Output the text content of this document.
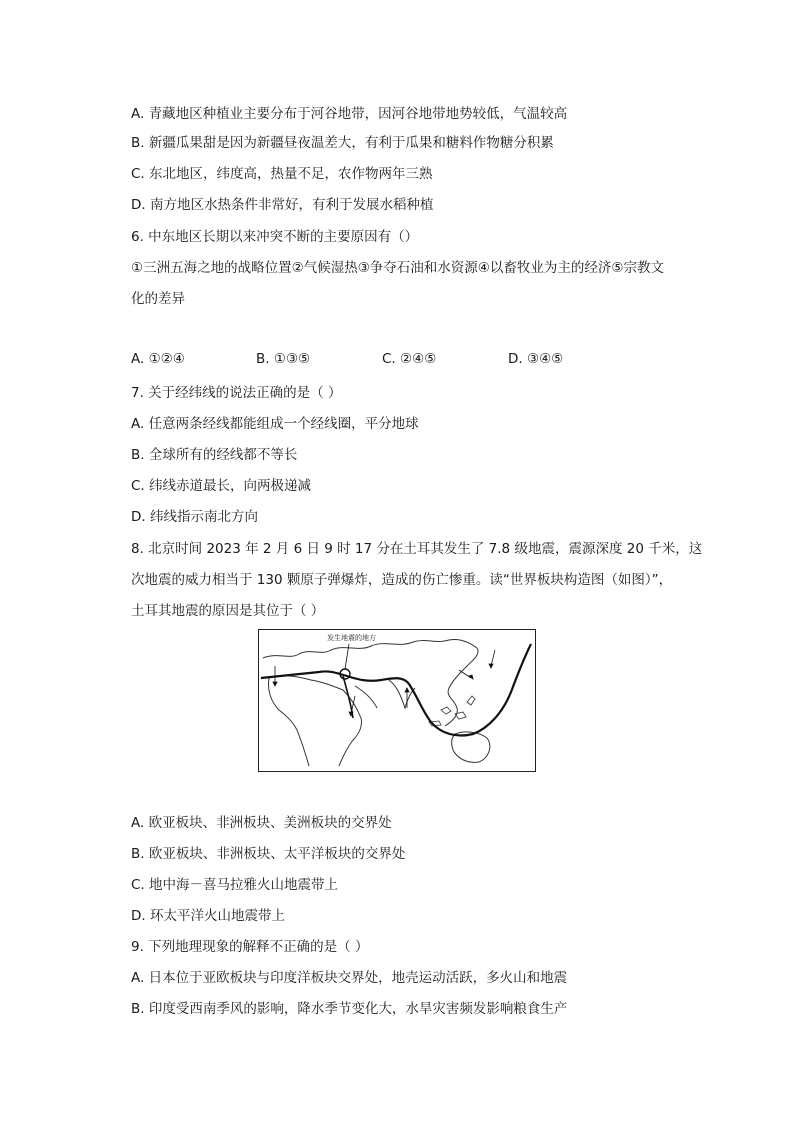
A. 青藏地区种植业主要分布于河谷地带，因河谷地带地势较低，气温较高
B. 新疆瓜果甜是因为新疆昼夜温差大，有利于瓜果和糖料作物糖分积累
C. 东北地区，纬度高，热量不足，农作物两年三熟
D. 南方地区水热条件非常好，有利于发展水稻种植
6. 中东地区长期以来冲突不断的主要原因有（）
①三洲五海之地的战略位置②气候湿热③争夺石油和水资源④以畜牧业为主的经济⑤宗教文
化的差异
A. ①②④	B. ①③⑤	C. ②④⑤	D. ③④⑤
7. 关于经纬线的说法正确的是（ ）
A. 任意两条经线都能组成一个经线圈，平分地球
B. 全球所有的经线都不等长
C. 纬线赤道最长，向两极递减
D. 纬线指示南北方向
8. 北京时间 2023 年 2 月 6 日 9 时 17 分在土耳其发生了 7.8 级地震，震源深度 20 千米，这
次地震的威力相当于 130 颗原子弹爆炸，造成的伤亡惨重。读“世界板块构造图（如图）”，
土耳其地震的原因是其位于（ ）
发生地震的地方
A. 欧亚板块、非洲板块、美洲板块的交界处
B. 欧亚板块、非洲板块、太平洋板块的交界处
C. 地中海－喜马拉雅火山地震带上
D. 环太平洋火山地震带上
9. 下列地理现象的解释不正确的是（ ）
A. 日本位于亚欧板块与印度洋板块交界处，地壳运动活跃，多火山和地震
B. 印度受西南季风的影响，降水季节变化大，水旱灾害频发影响粮食生产
